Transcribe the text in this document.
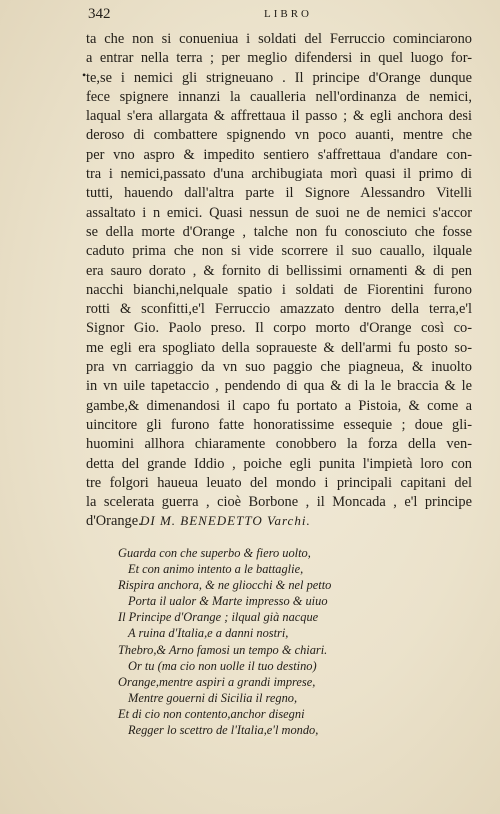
342	LIBRO
•
ta che non si conueniua i soldati del Ferruccio cominciarono
a entrar nella terra ; per meglio difendersi in quel luogo for-
te,se i nemici gli strigneuano . Il principe d'Orange dunque
fece spignere innanzi la caualleria nell'ordinanza de nemici,
laqual s'era allargata & affrettaua il passo ; & egli anchora desi
deroso di combattere spignendo vn poco auanti, mentre che
per vno aspro & impedito sentiero s'affrettaua d'andare con-
tra i nemici,passato d'una archibugiata morì quasi il primo di
tutti, hauendo dall'altra parte il Signore Alessandro Vitelli
assaltato i n emici. Quasi nessun de suoi ne de nemici s'accor
se della morte d'Orange , talche non fu conosciuto che fosse
caduto prima che non si vide scorrere il suo cauallo, ilquale
era sauro dorato , & fornito di bellissimi ornamenti & di pen
nacchi bianchi,nelquale spatio i soldati de Fiorentini furono
rotti & sconfitti,e'l Ferruccio amazzato dentro della terra,e'l
Signor Gio. Paolo preso. Il corpo morto d'Orange così co-
me egli era spogliato della sopraueste & dell'armi fu posto so-
pra vn carriaggio da vn suo paggio che piagneua, & inuolto
in vn uile tapetaccio , pendendo di qua & di la le braccia & le
gambe,& dimenandosi il capo fu portato a Pistoia, & come a
uincitore gli furono fatte honoratissime essequie ; doue gli-
huomini allhora chiaramente conobbero la forza della ven-
detta del grande Iddio , poiche egli punita l'impietà loro con
tre folgori haueua leuato del mondo i principali capitani del
la scelerata guerra , cioè Borbone , il Moncada , e'l principe
d'Orange.
DI M. BENEDETTO Varchi.
Guarda con che superbo & fiero uolto,
Et con animo intento a le battaglie,
Rispira anchora, & ne gliocchi & nel petto
Porta il ualor & Marte impresso & uiuo
Il Principe d'Orange ; ilqual già nacque
A ruina d'Italia,e a danni nostri,
Thebro,& Arno famosi un tempo & chiari.
Or tu (ma cio non uolle il tuo destino)
Orange,mentre aspiri a grandi imprese,
Mentre gouerni di Sicilia il regno,
Et di cio non contento,anchor disegni
Regger lo scettro de l'Italia,e'l mondo,
